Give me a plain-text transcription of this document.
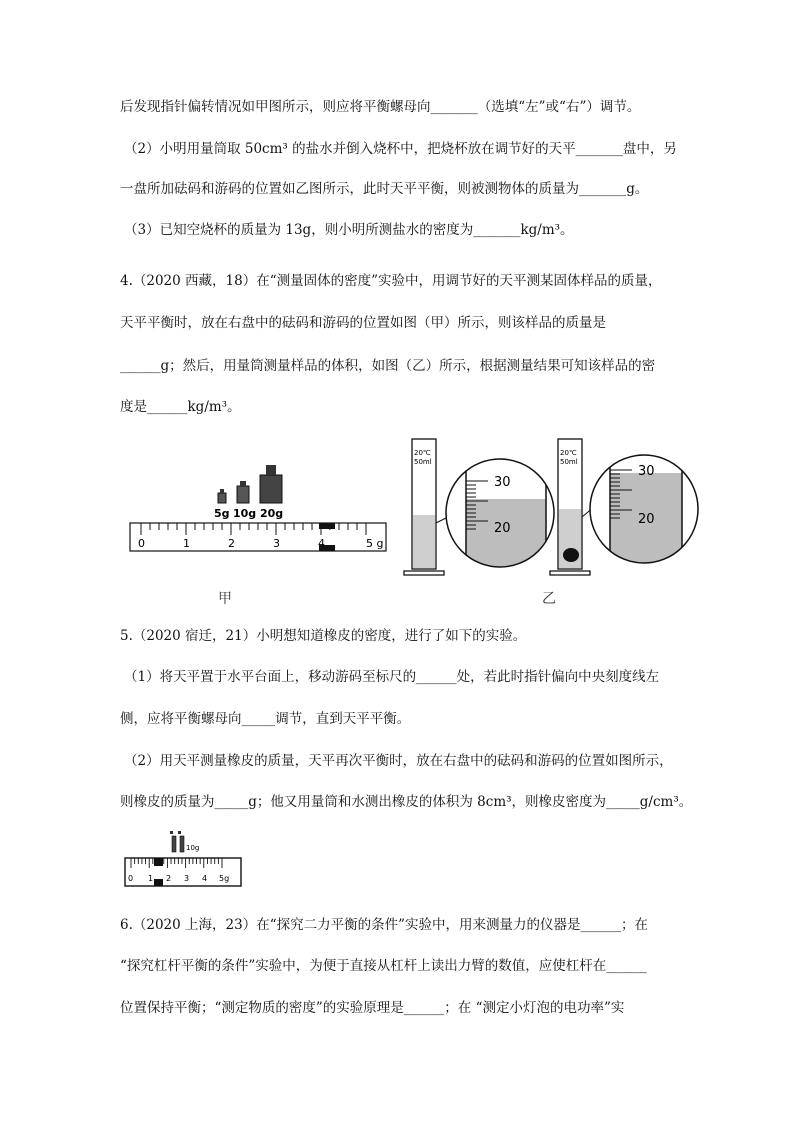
后发现指针偏转情况如甲图所示，则应将平衡螺母向_______（选填“左”或“右”）调节。
（2）小明用量筒取 50cm³ 的盐水并倒入烧杯中，把烧杯放在调节好的天平_______盘中，另
一盘所加砝码和游码的位置如乙图所示，此时天平平衡，则被测物体的质量为_______g。
（3）已知空烧杯的质量为 13g，则小明所测盐水的密度为_______kg/m³。
4.（2020 西藏，18）在“测量固体的密度”实验中，用调节好的天平测某固体样品的质量，
天平平衡时，放在右盘中的砝码和游码的位置如图（甲）所示，则该样品的质量是
______g；然后，用量筒测量样品的体积，如图（乙）所示，根据测量结果可知该样品的密
度是______kg/m³。
5g 10g 20g
0	1	2	3	4	5 g
20℃
50ml
30
20
20℃
50ml
30
20
甲	乙
5.（2020 宿迁，21）小明想知道橡皮的密度，进行了如下的实验。
（1）将天平置于水平台面上，移动游码至标尺的______处，若此时指针偏向中央刻度线左
侧，应将平衡螺母向_____调节，直到天平平衡。
（2）用天平测量橡皮的质量，天平再次平衡时，放在右盘中的砝码和游码的位置如图所示，
则橡皮的质量为_____g；他又用量筒和水测出橡皮的体积为 8cm³，则橡皮密度为_____g/cm³。
10g
0 1 2 3 4 5g
6.（2020 上海，23）在“探究二力平衡的条件”实验中，用来测量力的仪器是______；在
“探究杠杆平衡的条件”实验中，为便于直接从杠杆上读出力臂的数值，应使杠杆在______
位置保持平衡；“测定物质的密度”的实验原理是______；在 “测定小灯泡的电功率”实
